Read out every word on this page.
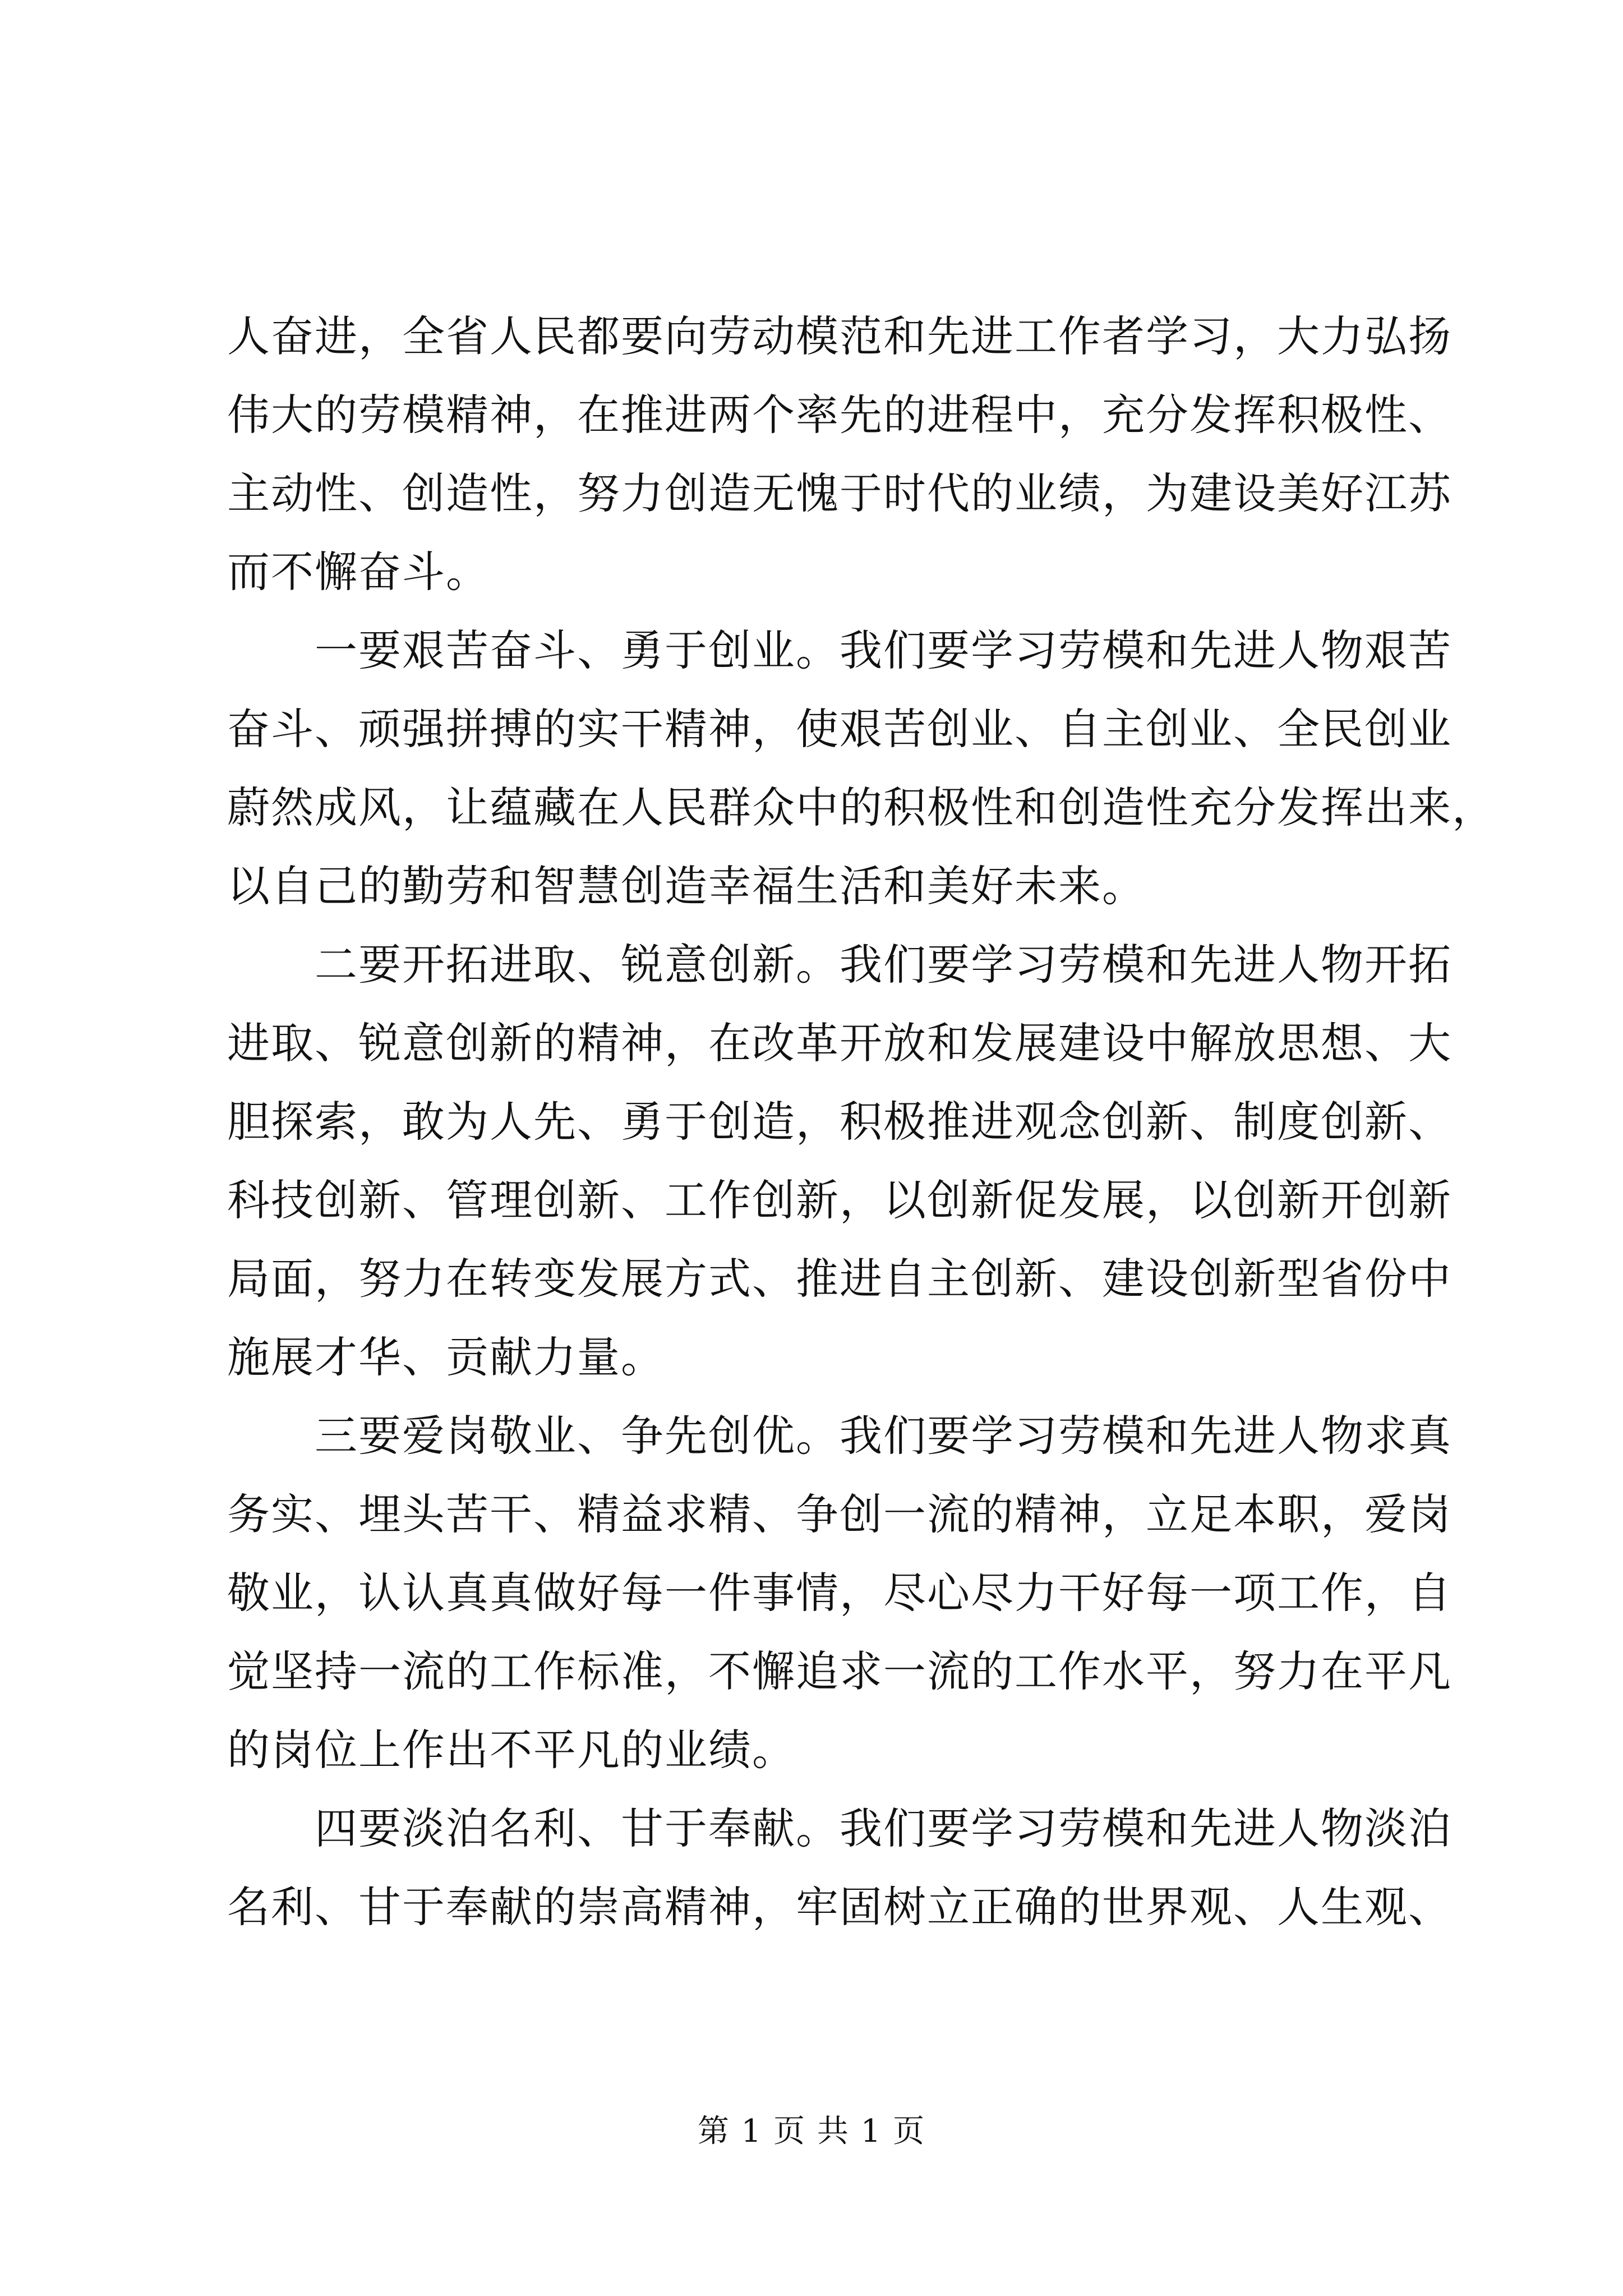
人奋进，全省人民都要向劳动模范和先进工作者学习，大力弘扬

伟大的劳模精神，在推进两个率先的进程中，充分发挥积极性、

主动性、创造性，努力创造无愧于时代的业绩，为建设美好江苏

而不懈奋斗。

一要艰苦奋斗、勇于创业。我们要学习劳模和先进人物艰苦

奋斗、顽强拼搏的实干精神，使艰苦创业、自主创业、全民创业

蔚然成风，让蕴藏在人民群众中的积极性和创造性充分发挥出来，

以自己的勤劳和智慧创造幸福生活和美好未来。

二要开拓进取、锐意创新。我们要学习劳模和先进人物开拓

进取、锐意创新的精神，在改革开放和发展建设中解放思想、大

胆探索，敢为人先、勇于创造，积极推进观念创新、制度创新、

科技创新、管理创新、工作创新，以创新促发展，以创新开创新

局面，努力在转变发展方式、推进自主创新、建设创新型省份中

施展才华、贡献力量。

三要爱岗敬业、争先创优。我们要学习劳模和先进人物求真

务实、埋头苦干、精益求精、争创一流的精神，立足本职，爱岗

敬业，认认真真做好每一件事情，尽心尽力干好每一项工作，自

觉坚持一流的工作标准，不懈追求一流的工作水平，努力在平凡

的岗位上作出不平凡的业绩。

四要淡泊名利、甘于奉献。我们要学习劳模和先进人物淡泊

名利、甘于奉献的崇高精神，牢固树立正确的世界观、人生观、

第 1 页 共 1 页
